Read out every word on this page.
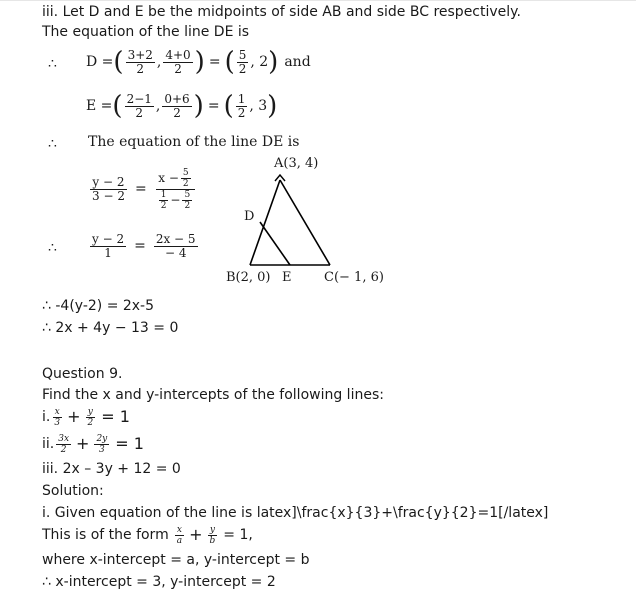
iii. Let D and E be the midpoints of side AB and side BC respectively.
The equation of the line DE is
∴ D = ( $\frac{3+2}{2}$ , $\frac{4+0}{2}$ ) = ( $\frac{5}{2}$ , 2 ) and
E = ( $\frac{2-1}{2}$ , $\frac{0+6}{2}$ ) = ( $\frac{1}{2}$ , 3 )
∴ The equation of the line DE is
$\frac{y - 2}{3 - 2} = \frac{x - \frac{5}{2}}{\frac{1}{2} - \frac{5}{2}}$
∴	$\frac{y - 2}{1} = \frac{2x - 5}{- 4}$
A(3, 4)
D
B(2, 0) E	C(− 1, 6)
∴ -4(y-2) = 2x-5
∴ 2x + 4y − 13 = 0
Question 9.
Find the x and y-intercepts of the following lines:
i. $\frac{x}{3} + \frac{y}{2} = 1$
ii. $\frac{3x}{2} + \frac{2y}{3} = 1$
iii. 2x – 3y + 12 = 0
Solution:
i. Given equation of the line is latex]\frac{x}{3}+\frac{y}{2}=1[/latex]
This is of the form $\frac{x}{a} + \frac{y}{b} = 1$,
where x-intercept = a, y-intercept = b
∴ x-intercept = 3, y-intercept = 2
